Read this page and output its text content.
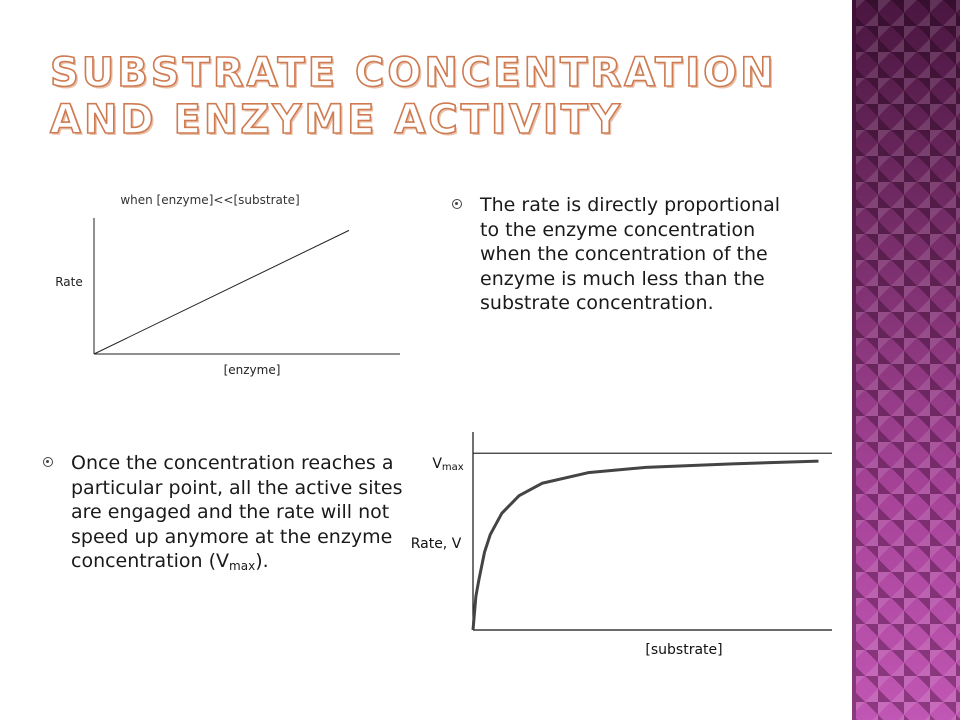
SUBSTRATE CONCENTRATION AND ENZYME ACTIVITY
when [enzyme]<<[substrate]
Rate
[enzyme]
The rate is directly proportional to the enzyme concentration when the concentration of the enzyme is much less than the substrate concentration.
Once the concentration reaches a particular point, all the active sites are engaged and the rate will not speed up anymore at the enzyme concentration $(V_{max})$.
Rate, V
[substrate]
Vmax
